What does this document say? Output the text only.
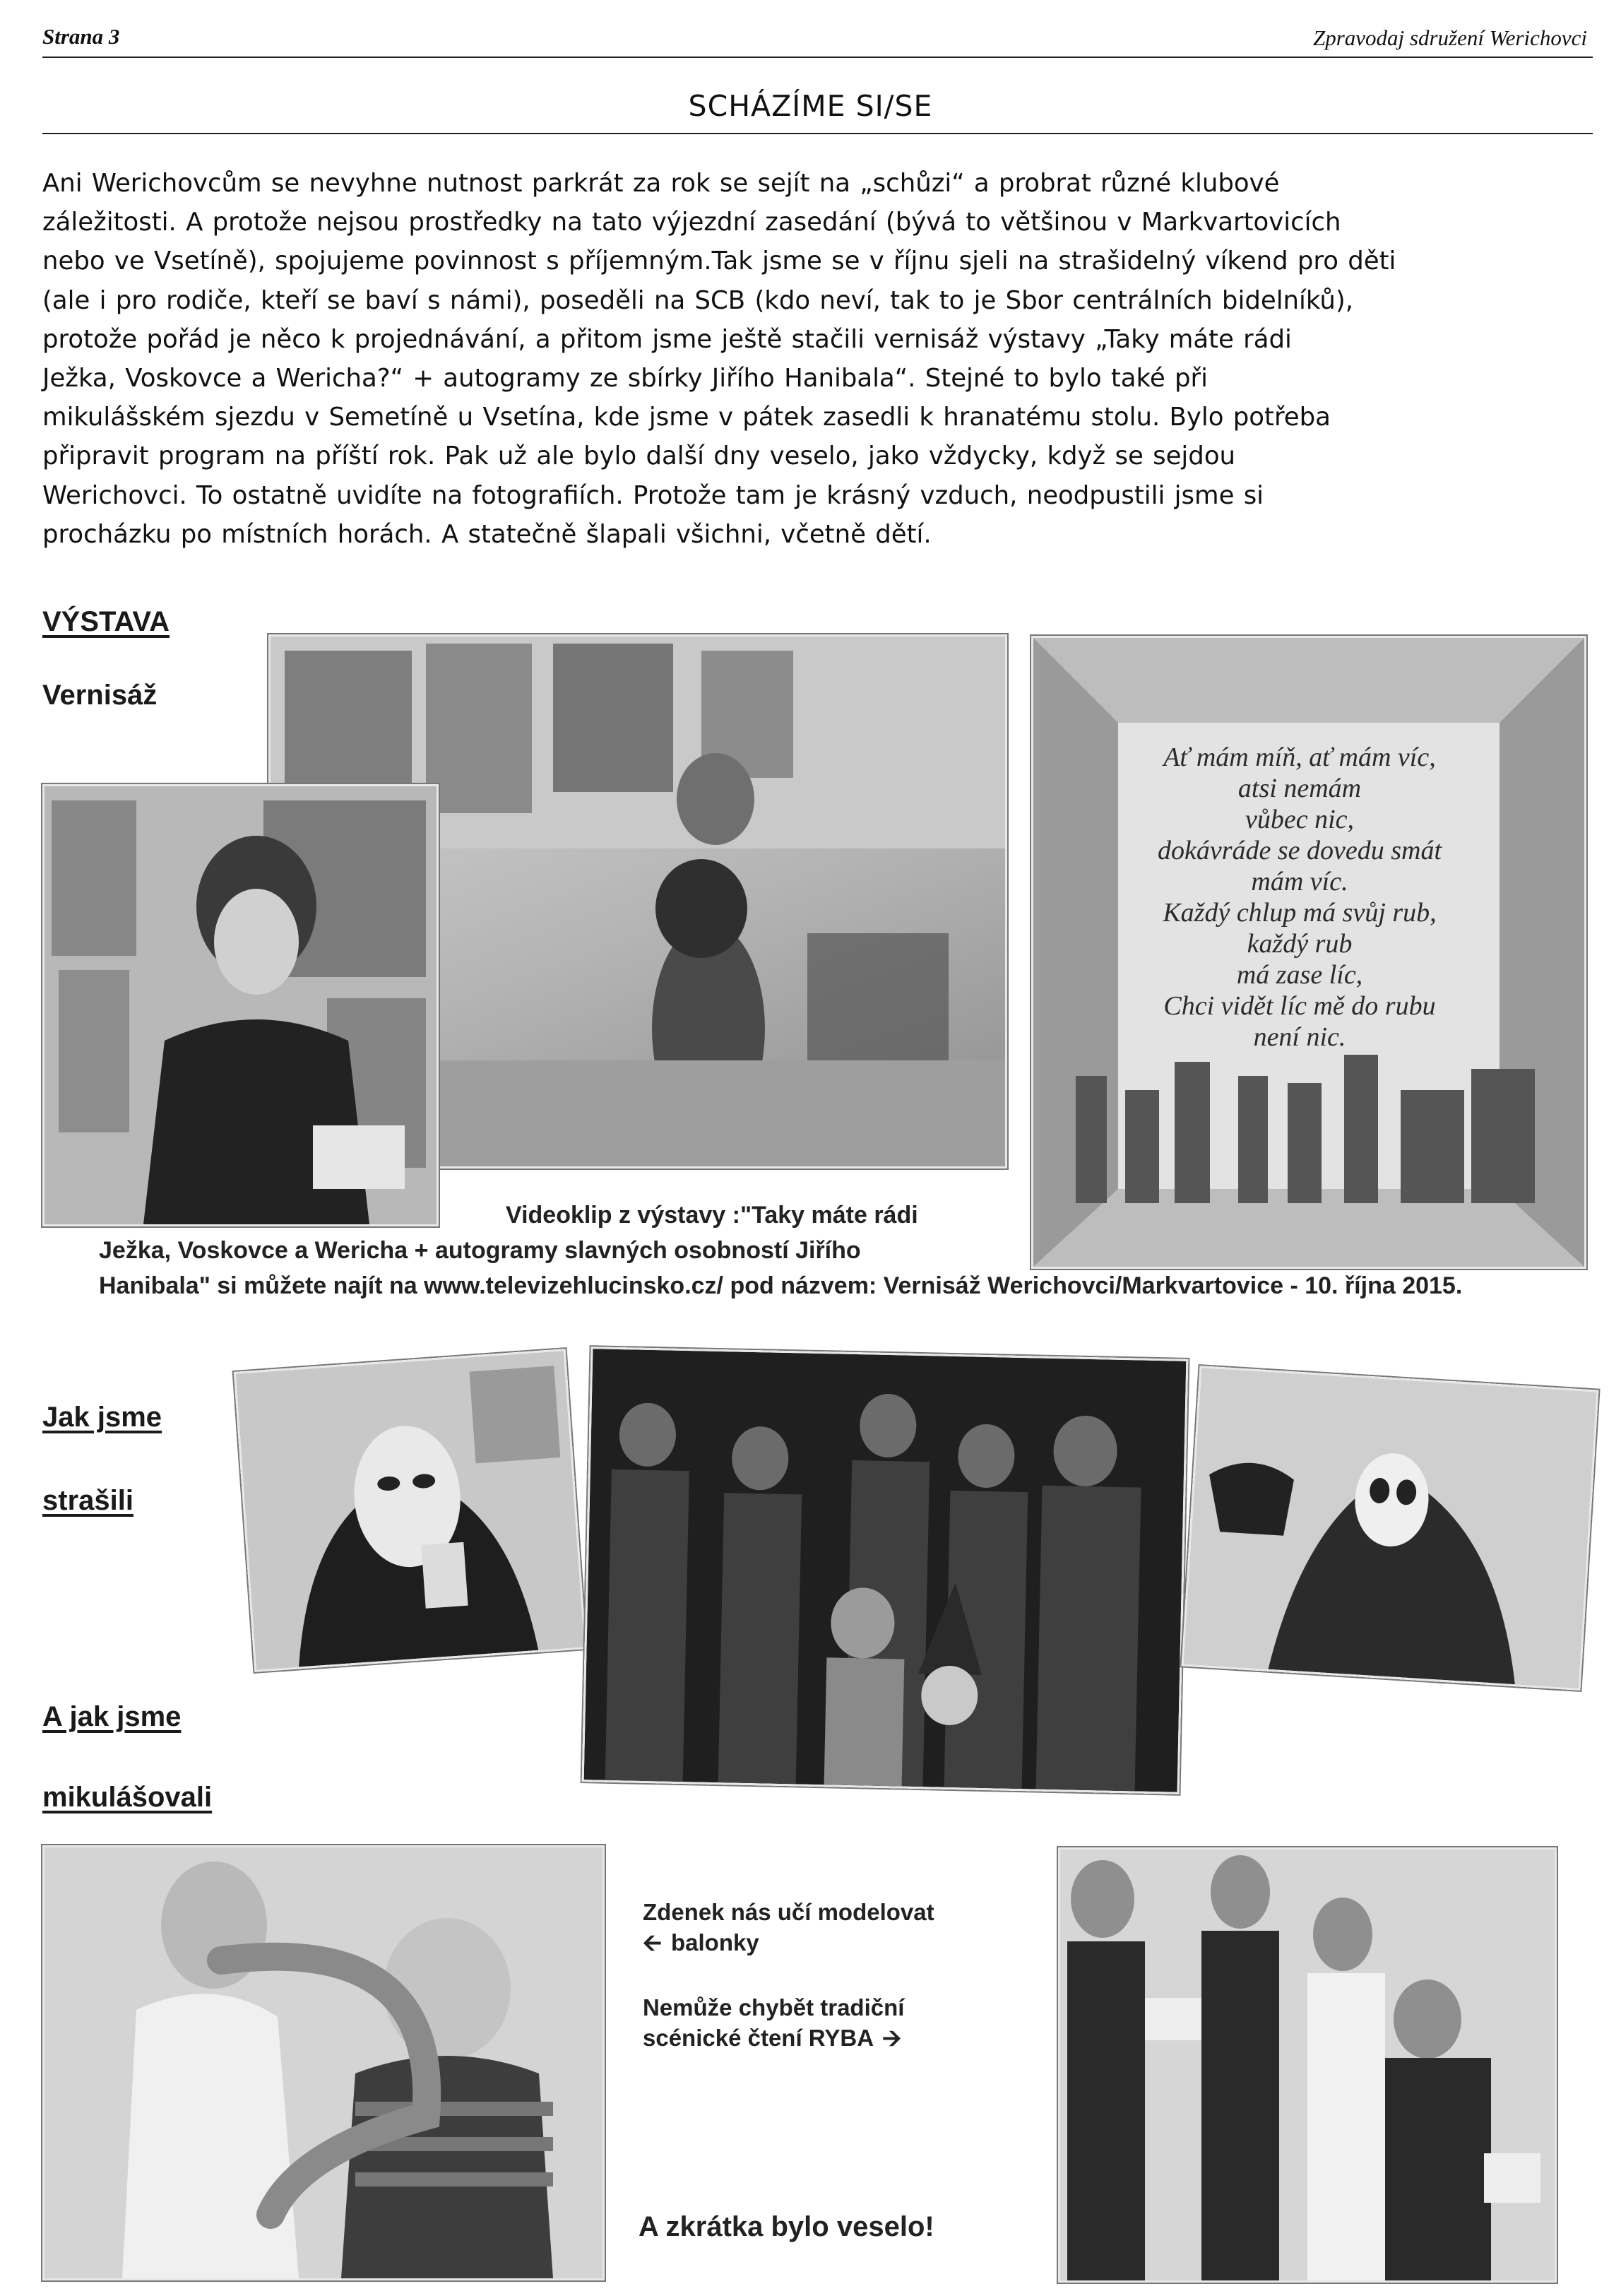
Strana 3	Zpravodaj sdružení Werichovci
SCHÁZÍME SI/SE
Ani Werichovcům se nevyhne nutnost parkrát za rok se sejít na „schůzi“ a probrat různé klubové
záležitosti. A protože nejsou prostředky na tato výjezdní zasedání (bývá to většinou v Markvartovicích
nebo ve Vsetíně), spojujeme povinnost s příjemným.Tak jsme se v říjnu sjeli na strašidelný víkend pro děti
(ale i pro rodiče, kteří se baví s námi), poseděli na SCB (kdo neví, tak to je Sbor centrálních bidelníků),
protože pořád je něco k projednávání, a přitom jsme ještě stačili vernisáž výstavy „Taky máte rádi
Ježka, Voskovce a Wericha?“ + autogramy ze sbírky Jiřího Hanibala“. Stejné to bylo také při
mikulášském sjezdu v Semetíně u Vsetína, kde jsme v pátek zasedli k hranatému stolu. Bylo potřeba
připravit program na příští rok. Pak už ale bylo další dny veselo, jako vždycky, když se sejdou
Werichovci. To ostatně uvidíte na fotografiích. Protože tam je krásný vzduch, neodpustili jsme si
procházku po místních horách. A statečně šlapali všichni, včetně dětí.
VÝSTAVA
Vernisáž
Ať mám míň, ať mám víc,
atsi nemám
vůbec nic,
dokávráde se dovedu smát
mám víc.
Každý chlup má svůj rub,
každý rub
má zase líc,
Chci vidět líc mě do rubu
není nic.
Videoklip z výstavy :"Taky máte rádi
Ježka, Voskovce a Wericha + autogramy slavných osobností Jiřího
Hanibala" si můžete najít na www.televizehlucinsko.cz/ pod názvem: Vernisáž Werichovci/Markvartovice - 10. října 2015.
Jak jsme
strašili
A jak jsme
mikulášovali
Zdenek nás učí modelovat
🡨 balonky
Nemůže chybět tradiční
scénické čtení RYBA 🡪
A zkrátka bylo veselo!
